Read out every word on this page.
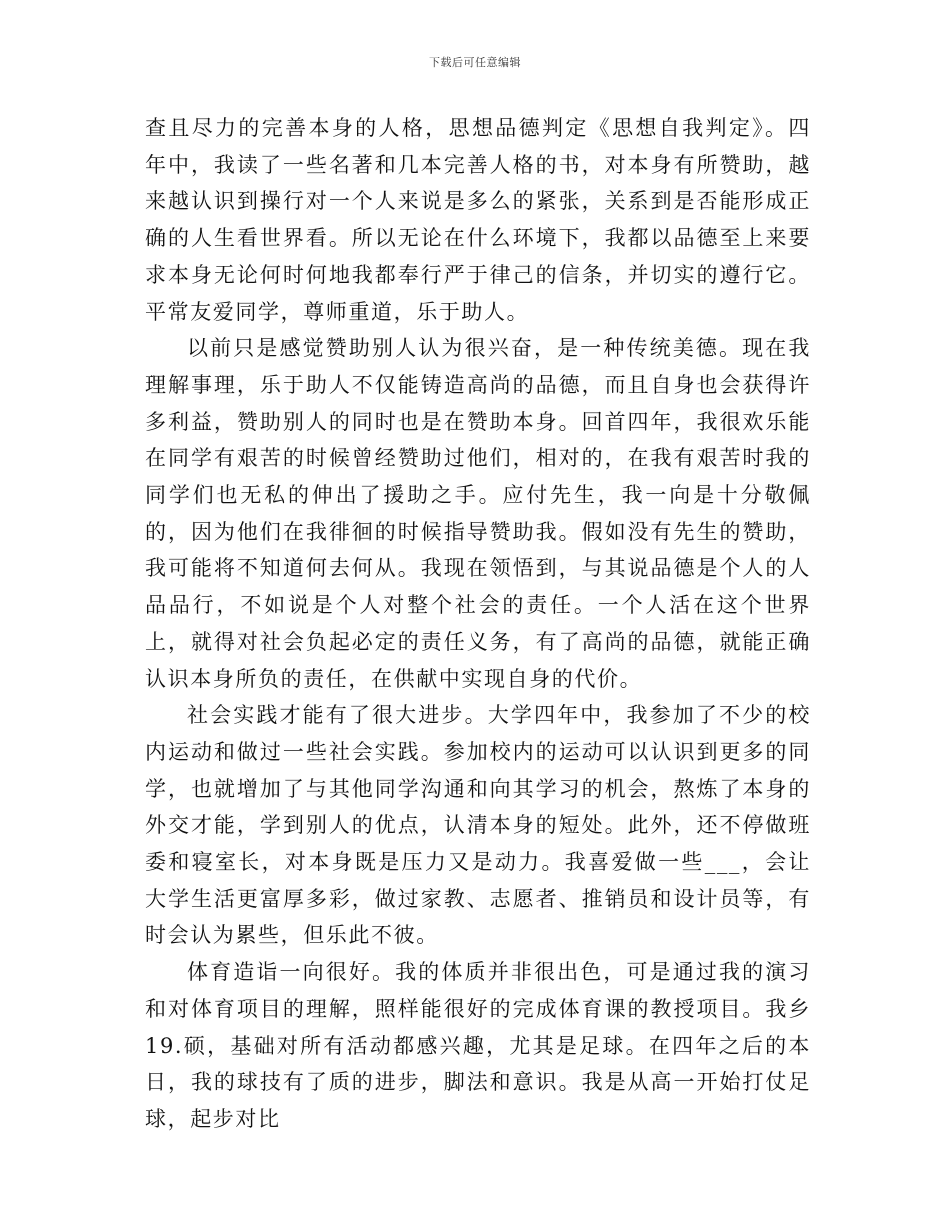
下载后可任意编辑

查且尽力的完善本身的人格，思想品德判定《思想自我判定》。四年中，我读了一些名著和几本完善人格的书，对本身有所赞助，越来越认识到操行对一个人来说是多么的紧张，关系到是否能形成正确的人生看世界看。所以无论在什么环境下，我都以品德至上来要求本身无论何时何地我都奉行严于律己的信条，并切实的遵行它。平常友爱同学，尊师重道，乐于助人。

以前只是感觉赞助别人认为很兴奋，是一种传统美德。现在我理解事理，乐于助人不仅能铸造高尚的品德，而且自身也会获得许多利益，赞助别人的同时也是在赞助本身。回首四年，我很欢乐能在同学有艰苦的时候曾经赞助过他们，相对的，在我有艰苦时我的同学们也无私的伸出了援助之手。应付先生，我一向是十分敬佩的，因为他们在我徘徊的时候指导赞助我。假如没有先生的赞助，我可能将不知道何去何从。我现在领悟到，与其说品德是个人的人品品行，不如说是个人对整个社会的责任。一个人活在这个世界上，就得对社会负起必定的责任义务，有了高尚的品德，就能正确认识本身所负的责任，在供献中实现自身的代价。

社会实践才能有了很大进步。大学四年中，我参加了不少的校内运动和做过一些社会实践。参加校内的运动可以认识到更多的同学，也就增加了与其他同学沟通和向其学习的机会，熬炼了本身的外交才能，学到别人的优点，认清本身的短处。此外，还不停做班委和寝室长，对本身既是压力又是动力。我喜爱做一些___，会让大学生活更富厚多彩，做过家教、志愿者、推销员和设计员等，有时会认为累些，但乐此不彼。

体育造诣一向很好。我的体质并非很出色，可是通过我的演习和对体育项目的理解，照样能很好的完成体育课的教授项目。我乡19.硕，基础对所有活动都感兴趣，尤其是足球。在四年之后的本日，我的球技有了质的进步，脚法和意识。我是从高一开始打仗足球，起步对比
